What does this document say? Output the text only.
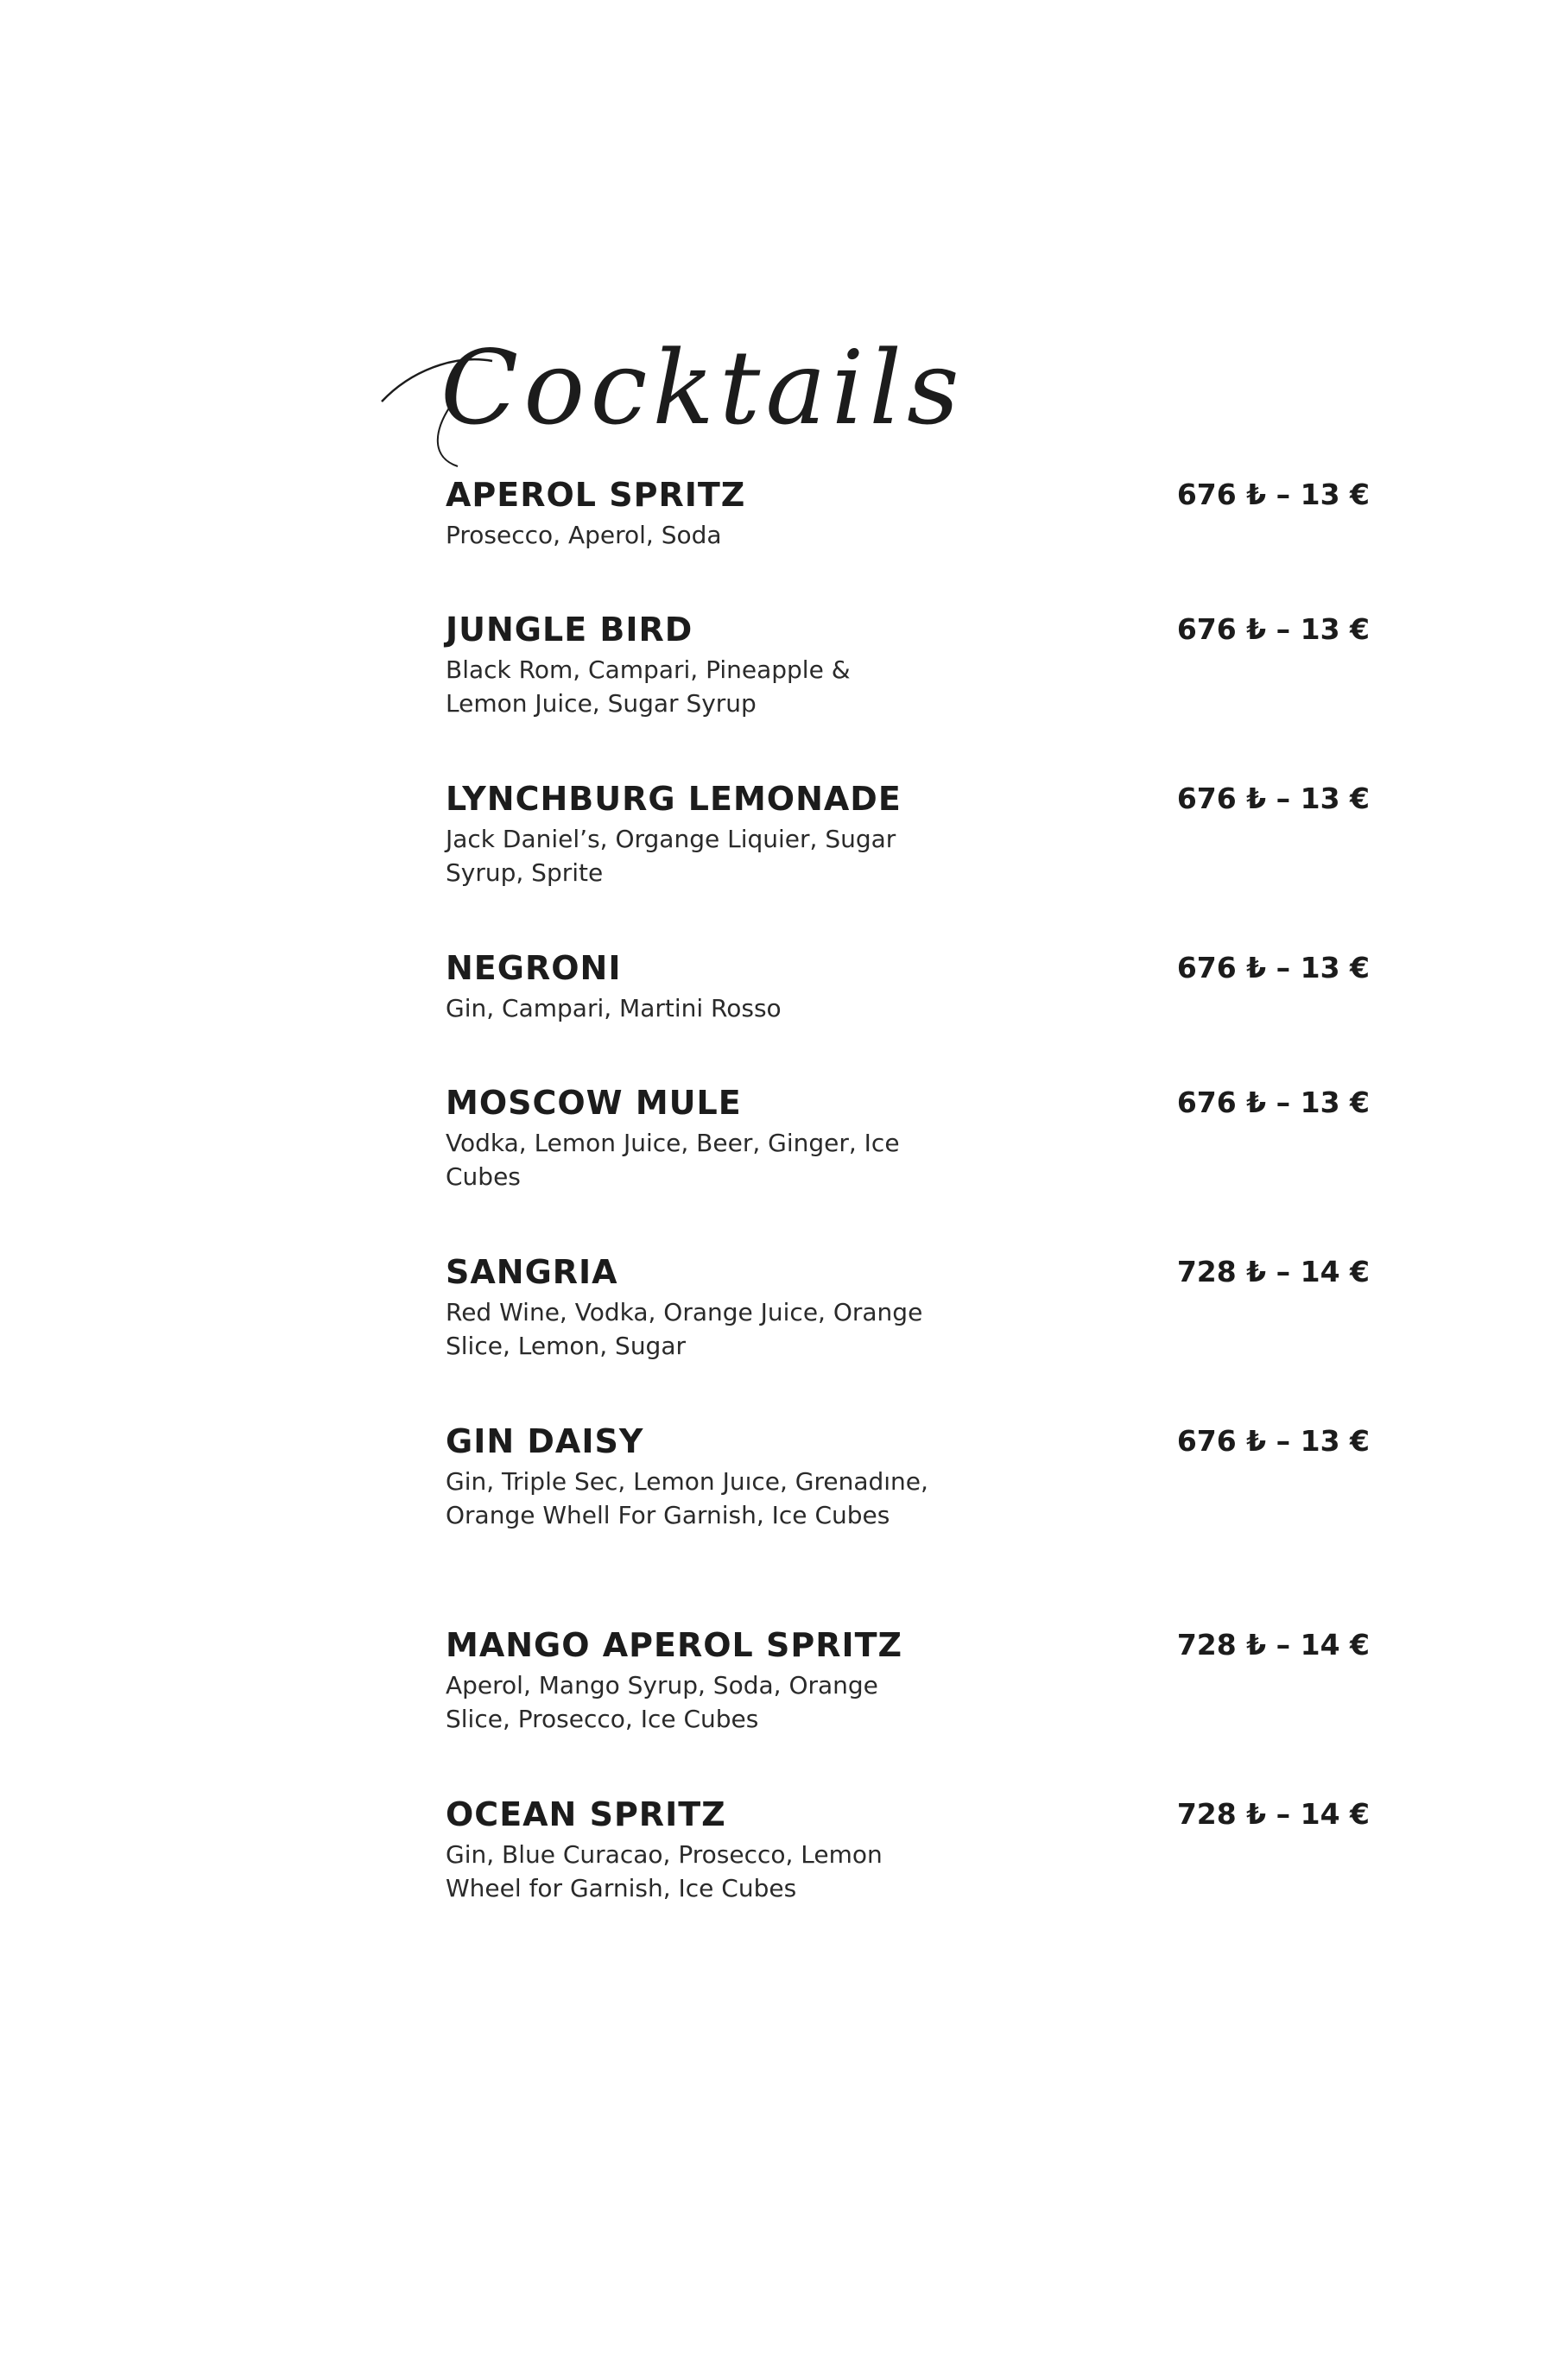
Cocktails
APEROL SPRITZ	676 ₺ – 13 €
Prosecco, Aperol, Soda
JUNGLE BIRD	676 ₺ – 13 €
Black Rom, Campari, Pineapple & Lemon Juice, Sugar Syrup
LYNCHBURG LEMONADE	676 ₺ – 13 €
Jack Daniel’s, Organge Liquier, Sugar Syrup, Sprite
NEGRONI	676 ₺ – 13 €
Gin, Campari, Martini Rosso
MOSCOW MULE	676 ₺ – 13 €
Vodka, Lemon Juice, Beer, Ginger, Ice Cubes
SANGRIA	728 ₺ – 14 €
Red Wine, Vodka, Orange Juice, Orange Slice, Lemon, Sugar
GIN DAISY	676 ₺ – 13 €
Gin, Triple Sec, Lemon Juıce, Grenadıne, Orange Whell For Garnish, Ice Cubes
MANGO APEROL SPRITZ	728 ₺ – 14 €
Aperol, Mango Syrup, Soda, Orange Slice, Prosecco, Ice Cubes
OCEAN SPRITZ	728 ₺ – 14 €
Gin, Blue Curacao, Prosecco, Lemon Wheel for Garnish, Ice Cubes
